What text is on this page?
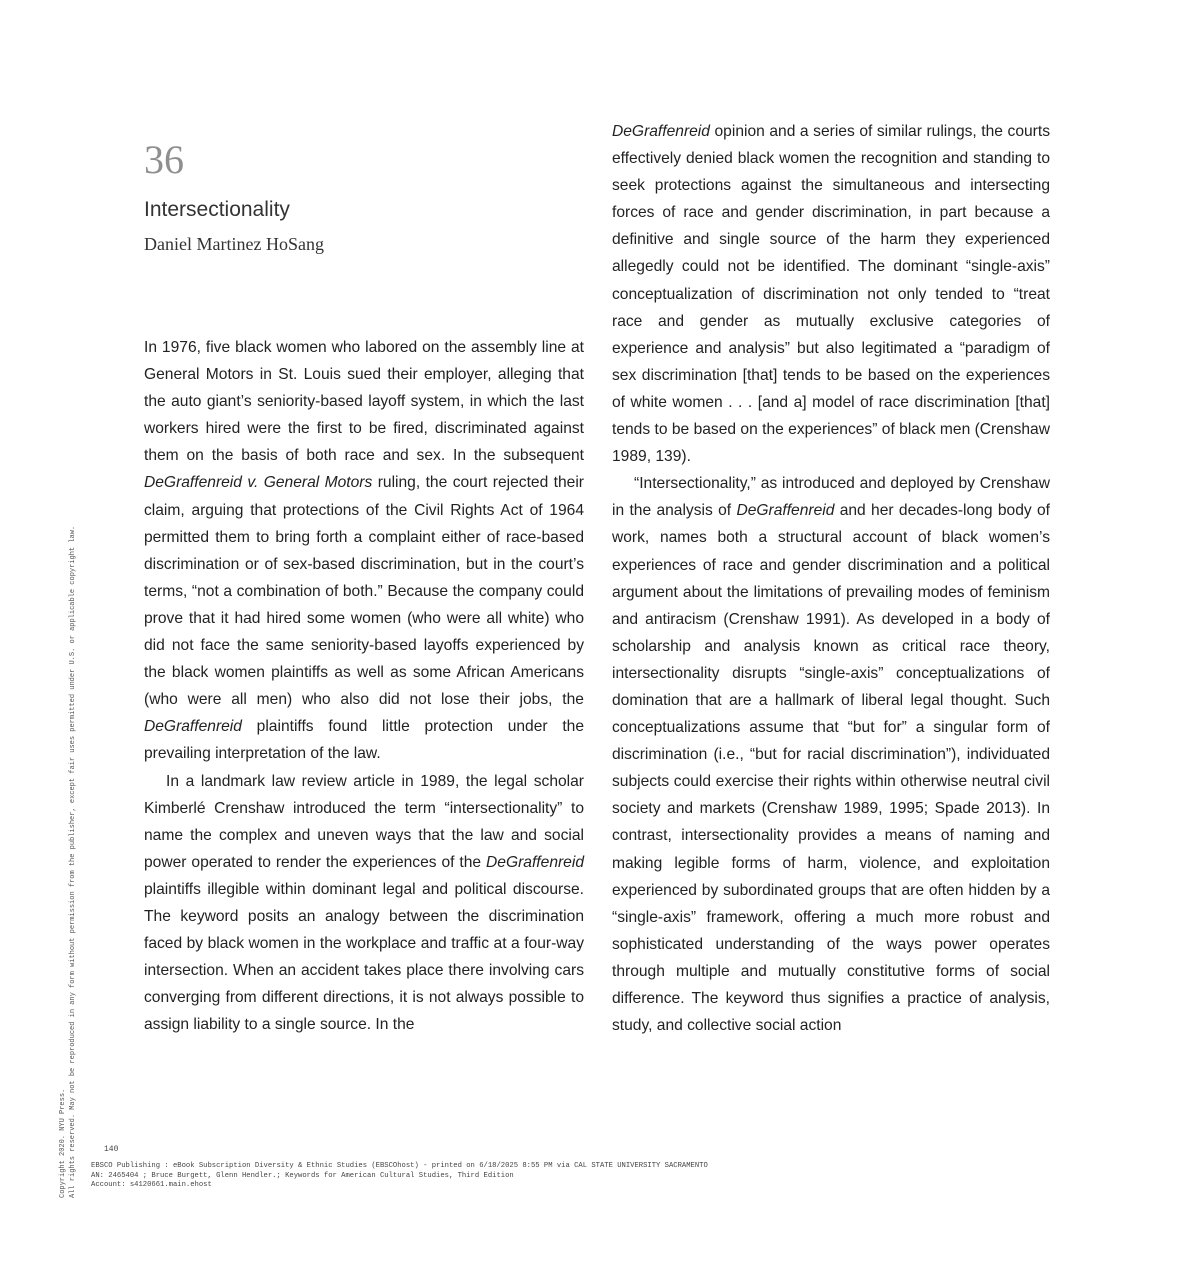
36
Intersectionality
Daniel Martinez HoSang

In 1976, five black women who labored on the assembly line at General Motors in St. Louis sued their employer, alleging that the auto giant’s seniority-based layoff system, in which the last workers hired were the first to be fired, discriminated against them on the basis of both race and sex. In the subsequent DeGraffenreid v. General Motors ruling, the court rejected their claim, arguing that protections of the Civil Rights Act of 1964 permitted them to bring forth a complaint either of race-based discrimination or of sex-based discrimination, but in the court’s terms, “not a combination of both.” Because the company could prove that it had hired some women (who were all white) who did not face the same seniority-based layoffs experienced by the black women plaintiffs as well as some African Americans (who were all men) who also did not lose their jobs, the DeGraffenreid plaintiffs found little protection under the prevailing interpretation of the law.

In a landmark law review article in 1989, the legal scholar Kimberlé Crenshaw introduced the term “intersectionality” to name the complex and uneven ways that the law and social power operated to render the experiences of the DeGraffenreid plaintiffs illegible within dominant legal and political discourse. The keyword posits an analogy between the discrimination faced by black women in the workplace and traffic at a four-way intersection. When an accident takes place there involving cars converging from different directions, it is not always possible to assign liability to a single source. In the

DeGraffenreid opinion and a series of similar rulings, the courts effectively denied black women the recognition and standing to seek protections against the simultaneous and intersecting forces of race and gender discrimination, in part because a definitive and single source of the harm they experienced allegedly could not be identified. The dominant “single-axis” conceptualization of discrimination not only tended to “treat race and gender as mutually exclusive categories of experience and analysis” but also legitimated a “paradigm of sex discrimination [that] tends to be based on the experiences of white women . . . [and a] model of race discrimination [that] tends to be based on the experiences” of black men (Crenshaw 1989, 139).

“Intersectionality,” as introduced and deployed by Crenshaw in the analysis of DeGraffenreid and her decades-long body of work, names both a structural account of black women’s experiences of race and gender discrimination and a political argument about the limitations of prevailing modes of feminism and antiracism (Crenshaw 1991). As developed in a body of scholarship and analysis known as critical race theory, intersectionality disrupts “single-axis” conceptualizations of domination that are a hallmark of liberal legal thought. Such conceptualizations assume that “but for” a singular form of discrimination (i.e., “but for racial discrimination”), individuated subjects could exercise their rights within otherwise neutral civil society and markets (Crenshaw 1989, 1995; Spade 2013). In contrast, intersectionality provides a means of naming and making legible forms of harm, violence, and exploitation experienced by subordinated groups that are often hidden by a “single-axis” framework, offering a much more robust and sophisticated understanding of the ways power operates through multiple and mutually constitutive forms of social difference. The keyword thus signifies a practice of analysis, study, and collective social action

140
EBSCO Publishing : eBook Subscription Diversity & Ethnic Studies (EBSCOhost) - printed on 6/18/2025 8:55 PM via CAL STATE UNIVERSITY SACRAMENTO
AN: 2465404 ; Bruce Burgett, Glenn Hendler.; Keywords for American Cultural Studies, Third Edition
Account: s4120661.main.ehost
Copyright 2020. NYU Press. All rights reserved. May not be reproduced in any form without permission from the publisher, except fair uses permitted under U.S. or applicable copyright law.
